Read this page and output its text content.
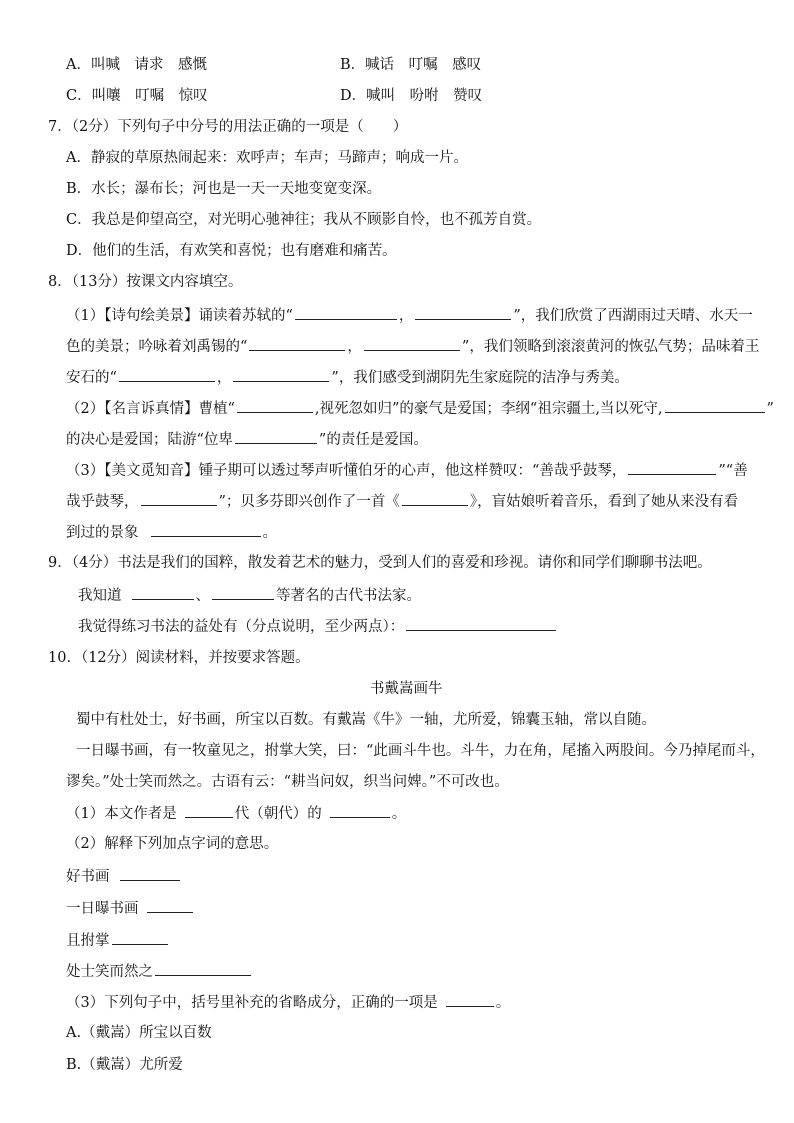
A．叫喊　请求　感慨	B．喊话　叮嘱　感叹
C．叫嚷　叮嘱　惊叹	D．喊叫　吩咐　赞叹
7．（2分）下列句子中分号的用法正确的一项是（　　）
A．静寂的草原热闹起来：欢呼声；车声；马蹄声；响成一片。
B．水长；瀑布长；河也是一天一天地变宽变深。
C．我总是仰望高空，对光明心驰神往；我从不顾影自怜，也不孤芳自赏。
D．他们的生活，有欢笑和喜悦；也有磨难和痛苦。
8．（13分）按课文内容填空。
（1）【诗句绘美景】诵读着苏轼的“	，	”，我们欣赏了西湖雨过天晴、水天一
色的美景；吟咏着刘禹锡的“	，	”，我们领略到滚滚黄河的恢弘气势；品味着王
安石的“	，	”，我们感受到湖阴先生家庭院的洁净与秀美。
（2）【名言诉真情】曹植“	,视死忽如归”的豪气是爱国；李纲“祖宗疆土,当以死守,	”
的决心是爱国；陆游“位卑	”的责任是爱国。
（3）【美文觅知音】锺子期可以透过琴声听懂伯牙的心声，他这样赞叹：“善哉乎鼓琴，	”“善
哉乎鼓琴，	”；贝多芬即兴创作了一首《	》，盲姑娘听着音乐，看到了她从来没有看
到过的景象	。
9．（4分）书法是我们的国粹，散发着艺术的魅力，受到人们的喜爱和珍视。请你和同学们聊聊书法吧。
我知道	、	等著名的古代书法家。
我觉得练习书法的益处有（分点说明，至少两点）：
10．（12分）阅读材料，并按要求答题。
书戴嵩画牛
蜀中有杜处士，好书画，所宝以百数。有戴嵩《牛》一轴，尤所爱，锦囊玉轴，常以自随。
一日曝书画，有一牧童见之，拊掌大笑，曰：“此画斗牛也。斗牛，力在角，尾搐入两股间。今乃掉尾而斗，
谬矣。”处士笑而然之。古语有云：“耕当问奴，织当问婢。”不可改也。
（1）本文作者是	代（朝代）的	。
（2）解释下列加点字词的意思。
好书画
一日曝书画
且拊掌
处士笑而然之
（3）下列句子中，括号里补充的省略成分，正确的一项是	。
A.（戴嵩）所宝以百数
B.（戴嵩）尤所爱
